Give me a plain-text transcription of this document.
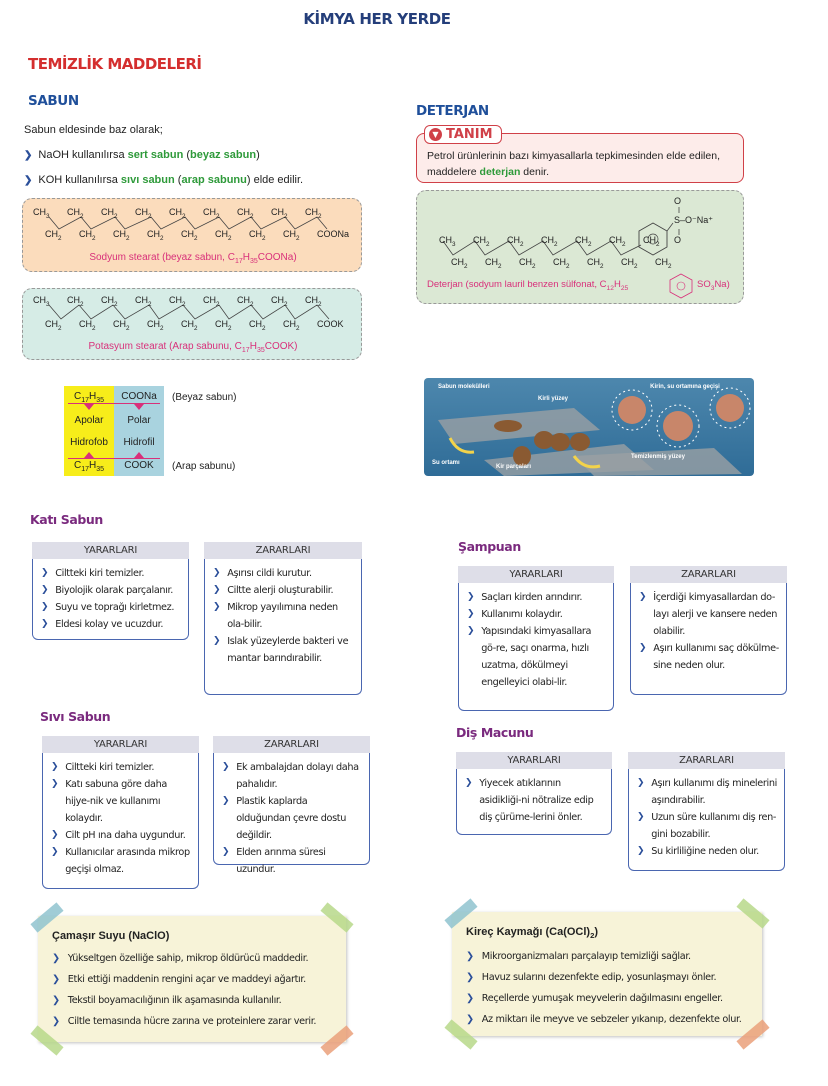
KİMYA HER YERDE
TEMİZLİK MADDELERİ
SABUN
Sabun eldesinde baz olarak;
❯ NaOH kullanılırsa sert sabun (beyaz sabun)
❯ KOH kullanılırsa sıvı sabun (arap sabunu) elde edilir.
$CH_3$ $CH_2$ $CH_2$ $CH_2$ $CH_2$ $CH_2$ $CH_2$ $CH_2$ $CH_2$
$CH_2$ $CH_2$ $CH_2$ $CH_2$ $CH_2$ $CH_2$ $CH_2$ $CH_2$ COONa
Sodyum stearat (beyaz sabun, $C_{17}H_{35}COONa$)
$CH_3$ $CH_2$ $CH_2$ $CH_2$ $CH_2$ $CH_2$ $CH_2$ $CH_2$ $CH_2$
$CH_2$ $CH_2$ $CH_2$ $CH_2$ $CH_2$ $CH_2$ $CH_2$ $CH_2$ COOK
Potasyum stearat (Arap sabunu, $C_{17}H_{35}COOK$)
$C_{17}H_{35}$	COONa
Apolar	Polar
Hidrofob	Hidrofil
$C_{17}H_{35}$	COOK
(Beyaz sabun)
(Arap sabunu)
DETERJAN
Petrol ürünlerinin bazı kimyasallarla tepkimesinden elde edilen, maddelere deterjan denir.
▼ TANIM
O
O
S–O⁻Na⁺
$CH_3$ $CH_2$ $CH_2$ $CH_2$ $CH_2$ $CH_2$ $CH_2$
$CH_2$ $CH_2$ $CH_2$ $CH_2$ $CH_2$ $CH_2$ $CH_2$
Deterjan (sodyum lauril benzen sülfonat, $C_{12}H_{25}$	$SO_3Na$)
Sabun molekülleri
Kirli yüzey
Kirin, su ortamına geçişi
Su ortamı
Kir parçaları
Temizlenmiş yüzey
Katı Sabun
YARARLARI
❯ Ciltteki kiri temizler.
❯ Biyolojik olarak parçalanır.
❯ Suyu ve toprağı kirletmez.
❯ Eldesi kolay ve ucuzdur.
ZARARLARI
❯ Aşırısı cildi kurutur.
❯ Ciltte alerji oluşturabilir.
❯ Mikrop yayılımına neden ola-bilir.
❯ Islak yüzeylerde bakteri ve mantar barındırabilir.
Sıvı Sabun
YARARLARI
❯ Ciltteki kiri temizler.
❯ Katı sabuna göre daha hijye-nik ve kullanımı kolaydır.
❯ Cilt pH ına daha uygundur.
❯ Kullanıcılar arasında mikrop geçişi olmaz.
ZARARLARI
❯ Ek ambalajdan dolayı daha pahalıdır.
❯ Plastik kaplarda olduğundan çevre dostu değildir.
❯ Elden arınma süresi uzundur.
Şampuan
YARARLARI
❯ Saçları kirden arındırır.
❯ Kullanımı kolaydır.
❯ Yapısındaki kimyasallara gö-re, saçı onarma, hızlı uzatma, dökülmeyi engelleyici olabi-lir.
ZARARLARI
❯ İçerdiği kimyasallardan do-layı alerji ve kansere neden olabilir.
❯ Aşırı kullanımı saç dökülme-sine neden olur.
Diş Macunu
YARARLARI
❯ Yiyecek atıklarının asidikliği-ni nötralize edip diş çürüme-lerini önler.
ZARARLARI
❯ Aşırı kullanımı diş minelerini aşındırabilir.
❯ Uzun süre kullanımı diş ren-gini bozabilir.
❯ Su kirliliğine neden olur.
Çamaşır Suyu (NaClO)
❯ Yükseltgen özelliğe sahip, mikrop öldürücü maddedir.
❯ Etki ettiği maddenin rengini açar ve maddeyi ağartır.
❯ Tekstil boyamacılığının ilk aşamasında kullanılır.
❯ Ciltle temasında hücre zarına ve proteinlere zarar verir.
Kireç Kaymağı $(Ca(OCl)_2)$
❯ Mikroorganizmaları parçalayıp temizliği sağlar.
❯ Havuz sularını dezenfekte edip, yosunlaşmayı önler.
❯ Reçellerde yumuşak meyvelerin dağılmasını engeller.
❯ Az miktarı ile meyve ve sebzeler yıkanıp, dezenfekte olur.
